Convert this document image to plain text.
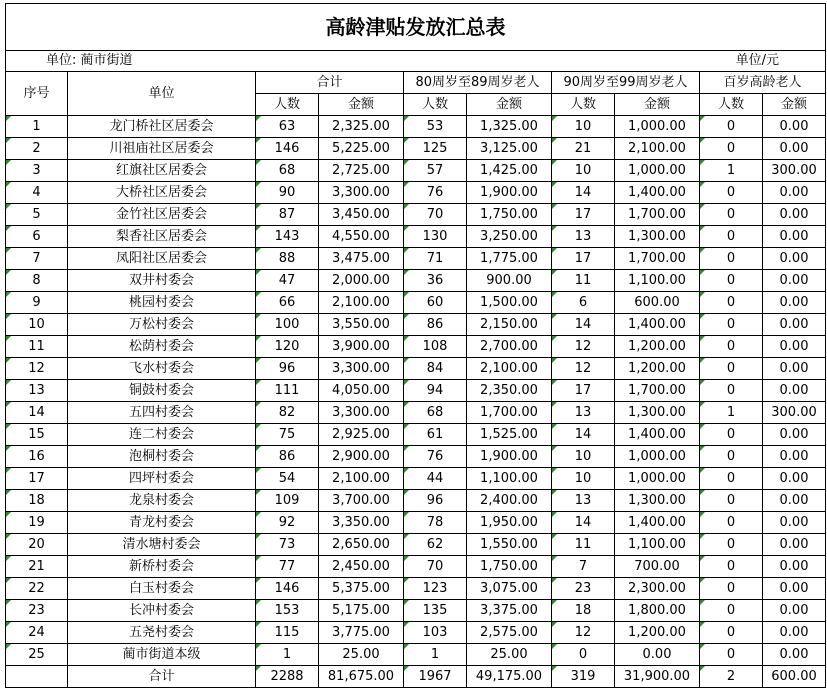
高龄津贴发放汇总表									
单位: 蔺市街道					单位/元				
序号	单位	合计		80周岁至89周岁老人		90周岁至99周岁老人		百岁高龄老人	
		人数	金额	人数	金额	人数	金额	人数	金额
1	龙门桥社区居委会	63	2,325.00	53	1,325.00	10	1,000.00	0	0.00
2	川祖庙社区居委会	146	5,225.00	125	3,125.00	21	2,100.00	0	0.00
3	红旗社区居委会	68	2,725.00	57	1,425.00	10	1,000.00	1	300.00
4	大桥社区居委会	90	3,300.00	76	1,900.00	14	1,400.00	0	0.00
5	金竹社区居委会	87	3,450.00	70	1,750.00	17	1,700.00	0	0.00
6	梨香社区居委会	143	4,550.00	130	3,250.00	13	1,300.00	0	0.00
7	凤阳社区居委会	88	3,475.00	71	1,775.00	17	1,700.00	0	0.00
8	双井村委会	47	2,000.00	36	900.00	11	1,100.00	0	0.00
9	桃园村委会	66	2,100.00	60	1,500.00	6	600.00	0	0.00
10	万松村委会	100	3,550.00	86	2,150.00	14	1,400.00	0	0.00
11	松荫村委会	120	3,900.00	108	2,700.00	12	1,200.00	0	0.00
12	飞水村委会	96	3,300.00	84	2,100.00	12	1,200.00	0	0.00
13	铜鼓村委会	111	4,050.00	94	2,350.00	17	1,700.00	0	0.00
14	五四村委会	82	3,300.00	68	1,700.00	13	1,300.00	1	300.00
15	连二村委会	75	2,925.00	61	1,525.00	14	1,400.00	0	0.00
16	泡桐村委会	86	2,900.00	76	1,900.00	10	1,000.00	0	0.00
17	四坪村委会	54	2,100.00	44	1,100.00	10	1,000.00	0	0.00
18	龙泉村委会	109	3,700.00	96	2,400.00	13	1,300.00	0	0.00
19	青龙村委会	92	3,350.00	78	1,950.00	14	1,400.00	0	0.00
20	清水塘村委会	73	2,650.00	62	1,550.00	11	1,100.00	0	0.00
21	新桥村委会	77	2,450.00	70	1,750.00	7	700.00	0	0.00
22	白玉村委会	146	5,375.00	123	3,075.00	23	2,300.00	0	0.00
23	长冲村委会	153	5,175.00	135	3,375.00	18	1,800.00	0	0.00
24	五尧村委会	115	3,775.00	103	2,575.00	12	1,200.00	0	0.00
25	蔺市街道本级	1	25.00	1	25.00	0	0.00	0	0.00
	合计	2288	81,675.00	1967	49,175.00	319	31,900.00	2	600.00
